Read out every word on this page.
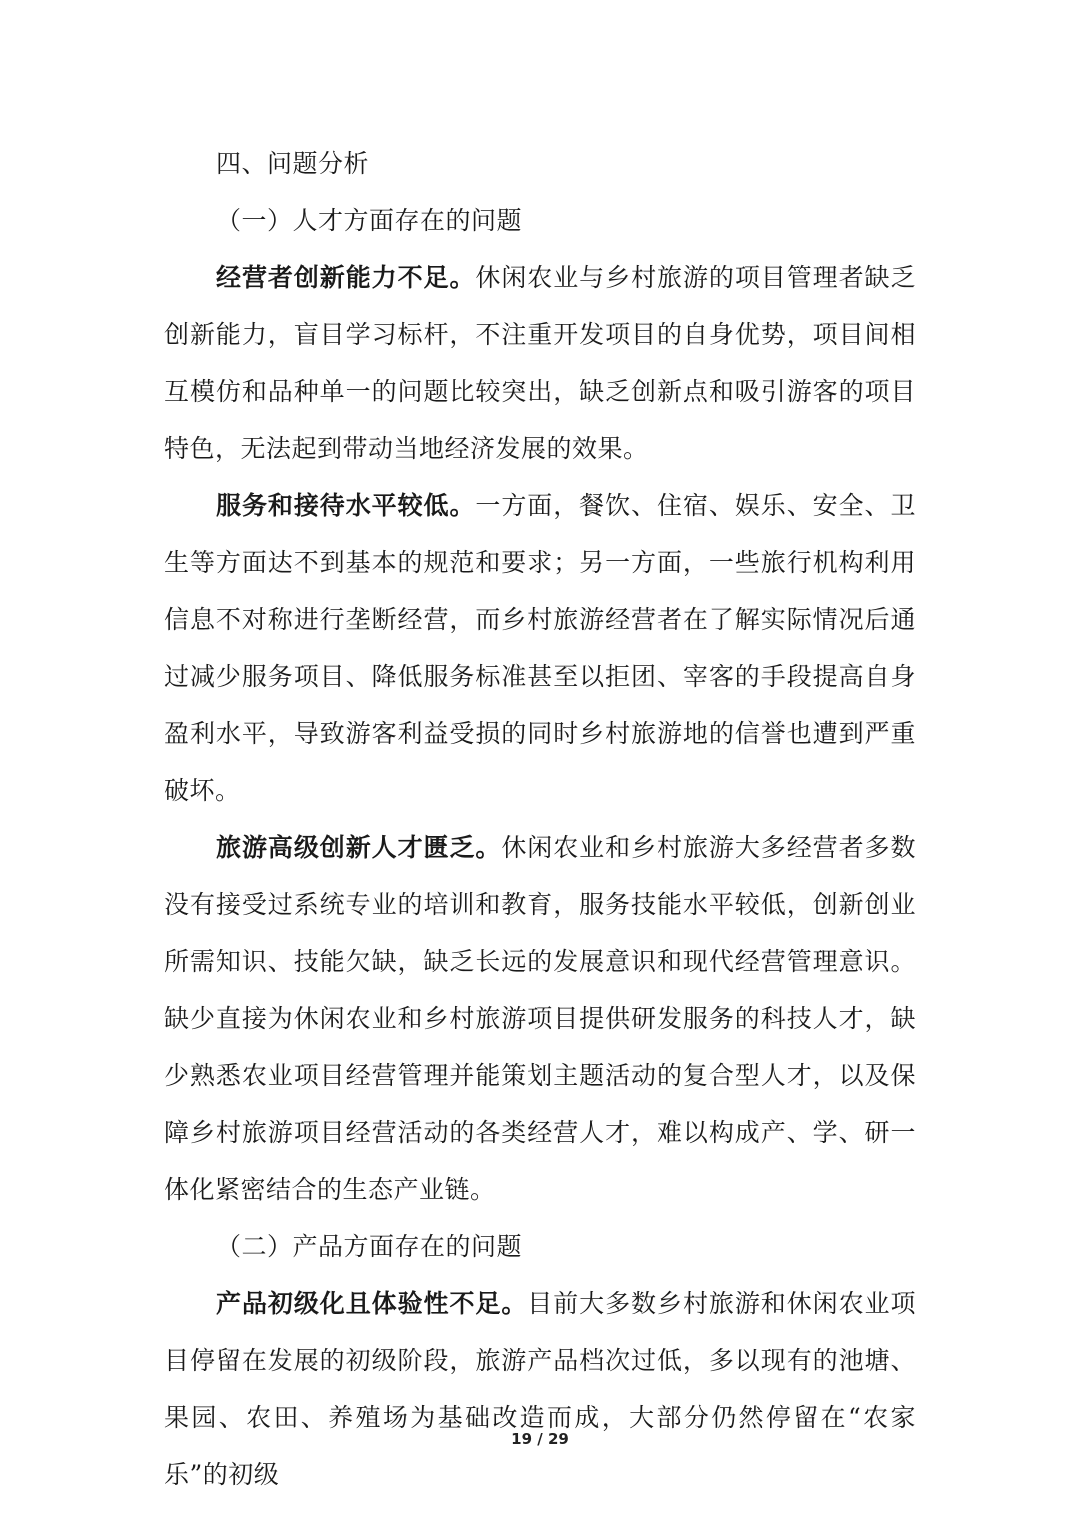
四、问题分析

（一）人才方面存在的问题

经营者创新能力不足。休闲农业与乡村旅游的项目管理者缺乏创新能力，盲目学习标杆，不注重开发项目的自身优势，项目间相互模仿和品种单一的问题比较突出，缺乏创新点和吸引游客的项目特色，无法起到带动当地经济发展的效果。

服务和接待水平较低。一方面，餐饮、住宿、娱乐、安全、卫生等方面达不到基本的规范和要求；另一方面，一些旅行机构利用信息不对称进行垄断经营，而乡村旅游经营者在了解实际情况后通过减少服务项目、降低服务标准甚至以拒团、宰客的手段提高自身盈利水平，导致游客利益受损的同时乡村旅游地的信誉也遭到严重破坏。

旅游高级创新人才匮乏。休闲农业和乡村旅游大多经营者多数没有接受过系统专业的培训和教育，服务技能水平较低，创新创业所需知识、技能欠缺，缺乏长远的发展意识和现代经营管理意识。缺少直接为休闲农业和乡村旅游项目提供研发服务的科技人才，缺少熟悉农业项目经营管理并能策划主题活动的复合型人才，以及保障乡村旅游项目经营活动的各类经营人才，难以构成产、学、研一体化紧密结合的生态产业链。

（二）产品方面存在的问题

产品初级化且体验性不足。目前大多数乡村旅游和休闲农业项目停留在发展的初级阶段，旅游产品档次过低，多以现有的池塘、果园、农田、养殖场为基础改造而成，大部分仍然停留在“农家乐”的初级

19 / 29
